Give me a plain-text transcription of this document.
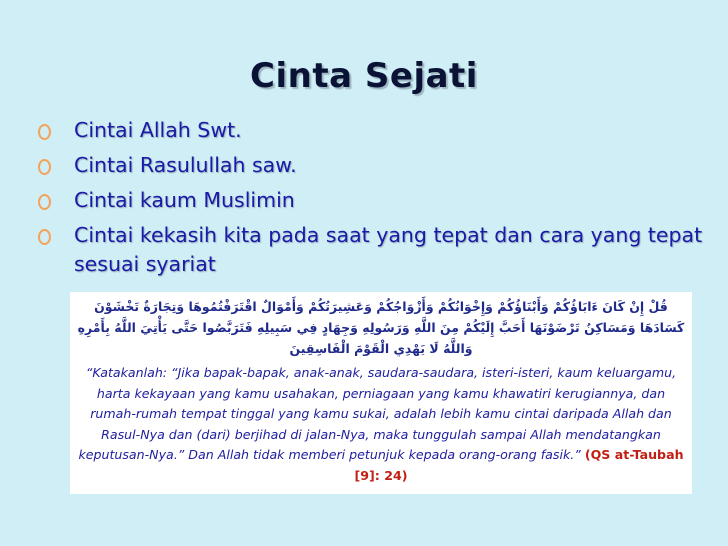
Cinta Sejati
Cintai Allah Swt.
Cintai Rasulullah saw.
Cintai kaum Muslimin
Cintai kekasih kita pada saat yang tepat dan cara yang tepat sesuai syariat
قُلْ إِنْ كَانَ ءَابَاؤُكُمْ وَأَبْنَاؤُكُمْ وَإِخْوَانُكُمْ وَأَزْوَاجُكُمْ وَعَشِيرَتُكُمْ وَأَمْوَالٌ اقْتَرَفْتُمُوهَا وَتِجَارَةٌ تَخْشَوْنَ كَسَادَهَا وَمَسَاكِنُ تَرْضَوْنَهَا أَحَبَّ إِلَيْكُمْ مِنَ اللَّهِ وَرَسُولِهِ وَجِهَادٍ فِي سَبِيلِهِ فَتَرَبَّصُوا حَتَّى يَأْتِيَ اللَّهُ بِأَمْرِهِ وَاللَّهُ لَا يَهْدِي الْقَوْمَ الْفَاسِقِينَ
“Katakanlah: “Jika bapak-bapak, anak-anak, saudara-saudara, isteri-isteri, kaum keluargamu, harta kekayaan yang kamu usahakan, perniagaan yang kamu khawatiri kerugiannya, dan rumah-rumah tempat tinggal yang kamu sukai, adalah lebih kamu cintai daripada Allah dan Rasul-Nya dan (dari) berjihad di jalan-Nya, maka tunggulah sampai Allah mendatangkan keputusan-Nya.” Dan Allah tidak memberi petunjuk kepada orang-orang fasik.” (QS at-Taubah [9]: 24)
